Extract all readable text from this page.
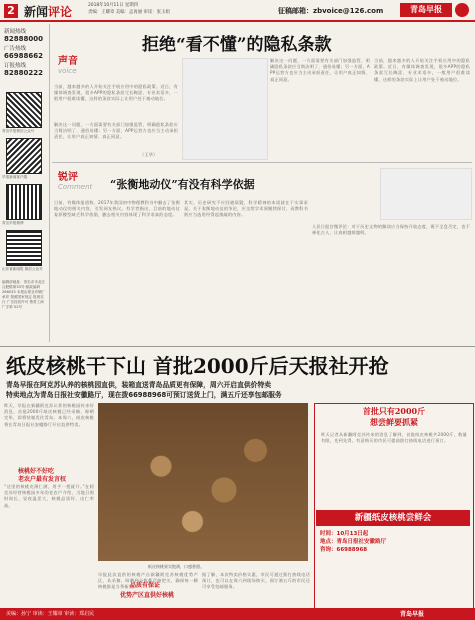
2 新闻评论	2018年10月11日 星期四
责编：王耀章 美编：孟再丽 审读：张玉娟	征稿邮箱：zbvoice@126.com	青岛早报
新闻热线
82888000
广告热线
66988662
订报热线
82880222
青岛早报微信公众号
早报新闻客户端
青岛早报微博
山东省新闻报 微信公众号
编辑部地址：青岛市市北区 合肥路第33号 邮政编码 266033 本报由报社印刷厂 承印 按照国家规定 报纸实行 广告经营许可 鲁青工商广字第 02号
拒绝“看不懂”的隐私条款
声音
voice
当前，越来越多的人开始关注手机应用中的隐私政策。近日，有媒体调查发现，很多APP的隐私条款冗长晦涩、专业术语多，一般用户很难读懂，这样的条款实际上让用户处于被动地位。
解决这一问题，一方面需要有关部门加强监管，明确隐私条款应当简洁明了、通俗易懂；另一方面，APP运营方也应当主动承担责任，让用户真正知情、真正同意。
（王华）
解决这一问题，一方面需要有关部门加强监管，明确隐私条款应当简洁明了、通俗易懂；另一方面，APP运营方也应当主动承担责任，让用户真正知情、真正同意。
当前，越来越多的人开始关注手机应用中的隐私政策。近日，有媒体调查发现，很多APP的隐私条款冗长晦涩、专业术语多，一般用户很难读懂，这样的条款实际上让用户处于被动地位。
锐评
Comment	“张衡地动仪”有没有科学依据
日前，有媒体报道称，2017年我国初中物理教科书中删去了张衡地动仪的相关内容，引发网友热议。有学者指出，目前的地动仪复原模型缺乏科学依据，删去相关内容体现了科学求真的态度。
其实，历史研究不应回避质疑，科学精神的本质就在于实事求是。关于张衡地动仪的争论，应交给学术界继续探讨，而教科书则应当选用经得起推敲的内容。
人民日报官微评论：对于历史文物的解读应当保持开放态度，既不全盘否定，也不神化古人，让真相越辩越明。
纸皮核桃干下山 首批2000斤后天报社开抢
青岛早报在阿克苏认养的核桃园直供，装箱直送青岛品质更有保障，周六开启直供价特卖
特卖地点为青岛日报社安徽路厅，现在拨66988968可预订送货上门，满五斤还享包邮服务
昨天，早报在新疆阿克苏认养的核桃园传来好消息，首批2000斤纸皮核桃已经采摘、晾晒完毕，即将装箱发往青岛。本周六，纸皮核桃将在青岛日报社安徽路厅开启直供特卖。
核桃好不好吃
老农户最有发言权
“这里的核桃皮薄仁满，用手一捏就开。”在阿克苏经营核桃园多年的老农户介绍，当地日照时间长、昼夜温差大，核桃品质好，出仁率高。
纸皮核桃果实饱满，口感香甜。
早报此次直供的核桃产自新疆阿克苏核桃优势产区，从采摘、晾晒到分拣都严格把关，确保每一颗核桃都是当季新货。
品质有保证
优势产区直供好核桃
据了解，本次特卖价格实惠，市民可通过拨打热线电话预订，也可以在周六到现场购买。预订满五斤的市民还可享受包邮服务。
首批只有2000斤
想尝鲜要抓紧
昨天记者从新疆阿克苏传来的消息了解到，首批纸皮核桃共2000斤，数量有限，先到先得。有意购买的市民可提前拨打热线电话进行预订。
新疆纸皮核桃尝鲜会
时间：10月13日起
地点：青岛日报社安徽路厅
咨询：66988968
美编：孙宁 审读：王耀章 审读：郑启民	青岛早报
